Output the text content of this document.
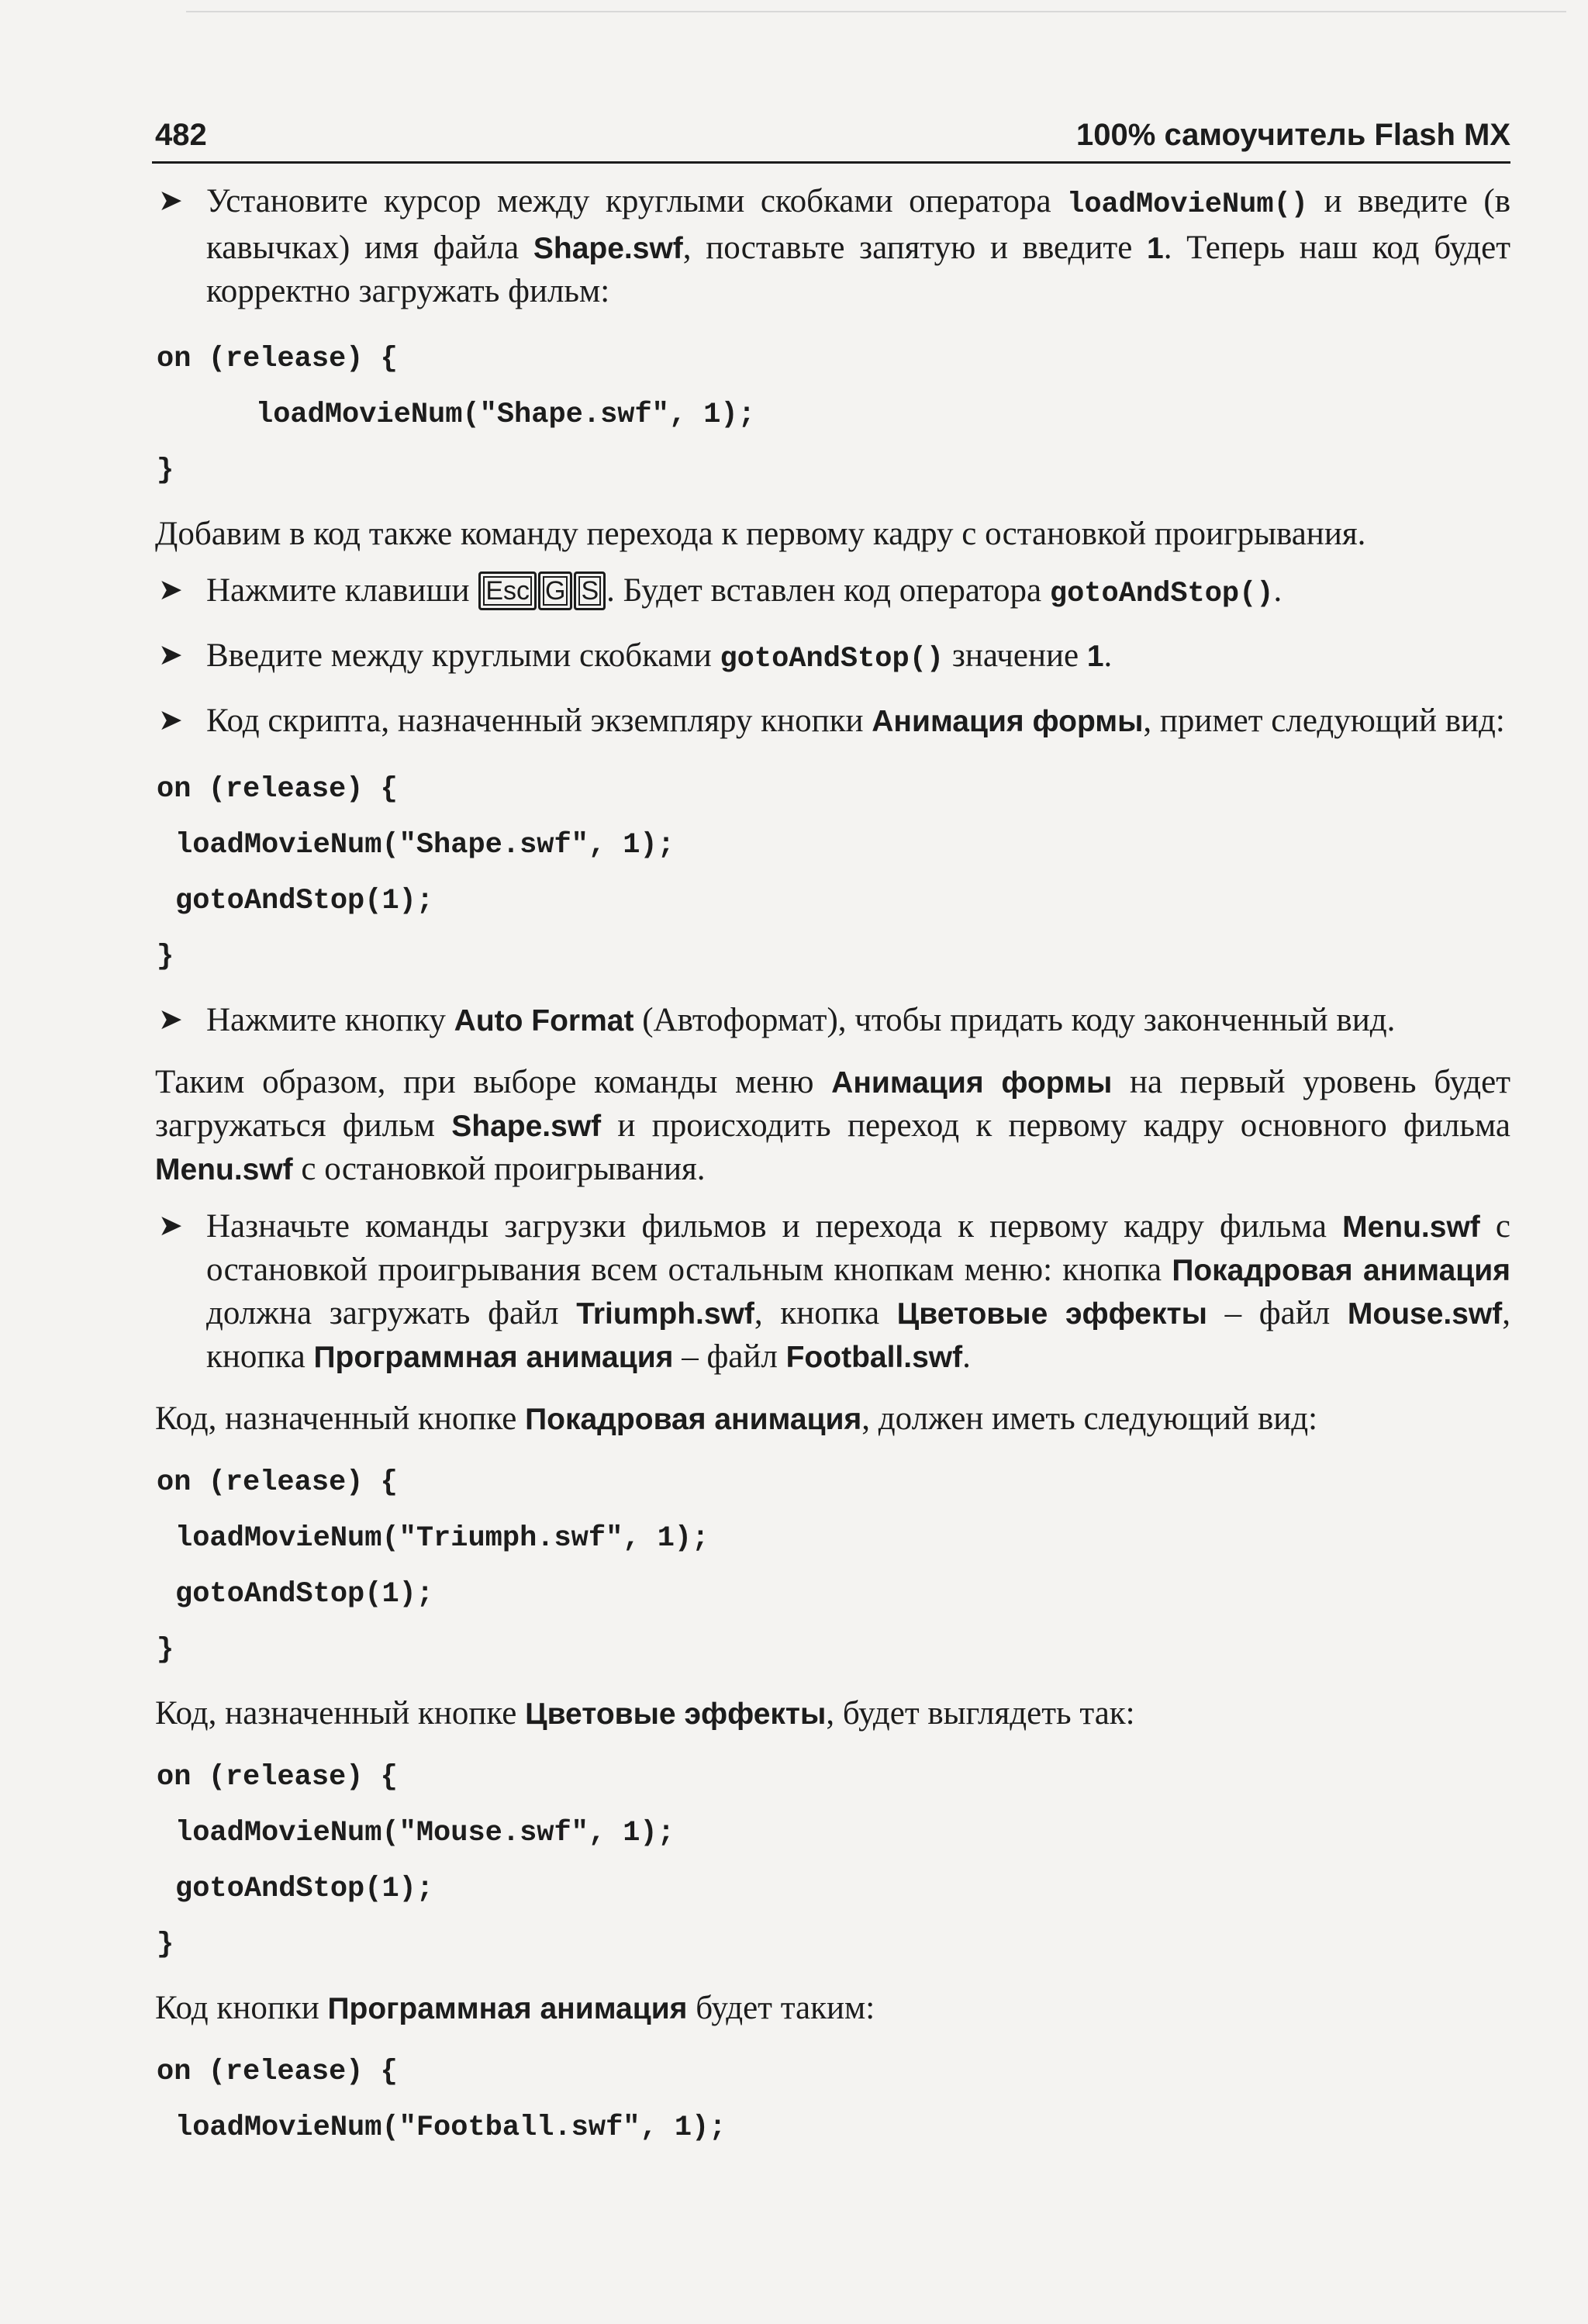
482	100% самоучитель Flash MX
➤ Установите курсор между круглыми скобками оператора loadMovieNum() и введите (в кавычках) имя файла Shape.swf, поставьте запятую и введите 1. Теперь наш код будет корректно загружать фильм:
on (release) {
loadMovieNum("Shape.swf", 1);
}
Добавим в код также команду перехода к первому кадру с остановкой проигрывания.
➤ Нажмите клавиши Esc G S . Будет вставлен код оператора gotoAndStop().
➤ Введите между круглыми скобками gotoAndStop() значение 1.
➤ Код скрипта, назначенный экземпляру кнопки Анимация формы, примет следующий вид:
on (release) {
loadMovieNum("Shape.swf", 1);
gotoAndStop(1);
}
➤ Нажмите кнопку Auto Format (Автоформат), чтобы придать коду законченный вид.
Таким образом, при выборе команды меню Анимация формы на первый уровень будет загружаться фильм Shape.swf и происходить переход к первому кадру основного фильма Menu.swf с остановкой проигрывания.
➤ Назначьте команды загрузки фильмов и перехода к первому кадру фильма Menu.swf с остановкой проигрывания всем остальным кнопкам меню: кнопка Покадровая анимация должна загружать файл Triumph.swf, кнопка Цветовые эффекты – файл Mouse.swf, кнопка Программная анимация – файл Football.swf.
Код, назначенный кнопке Покадровая анимация, должен иметь следующий вид:
on (release) {
loadMovieNum("Triumph.swf", 1);
gotoAndStop(1);
}
Код, назначенный кнопке Цветовые эффекты, будет выглядеть так:
on (release) {
loadMovieNum("Mouse.swf", 1);
gotoAndStop(1);
}
Код кнопки Программная анимация будет таким:
on (release) {
loadMovieNum("Football.swf", 1);
